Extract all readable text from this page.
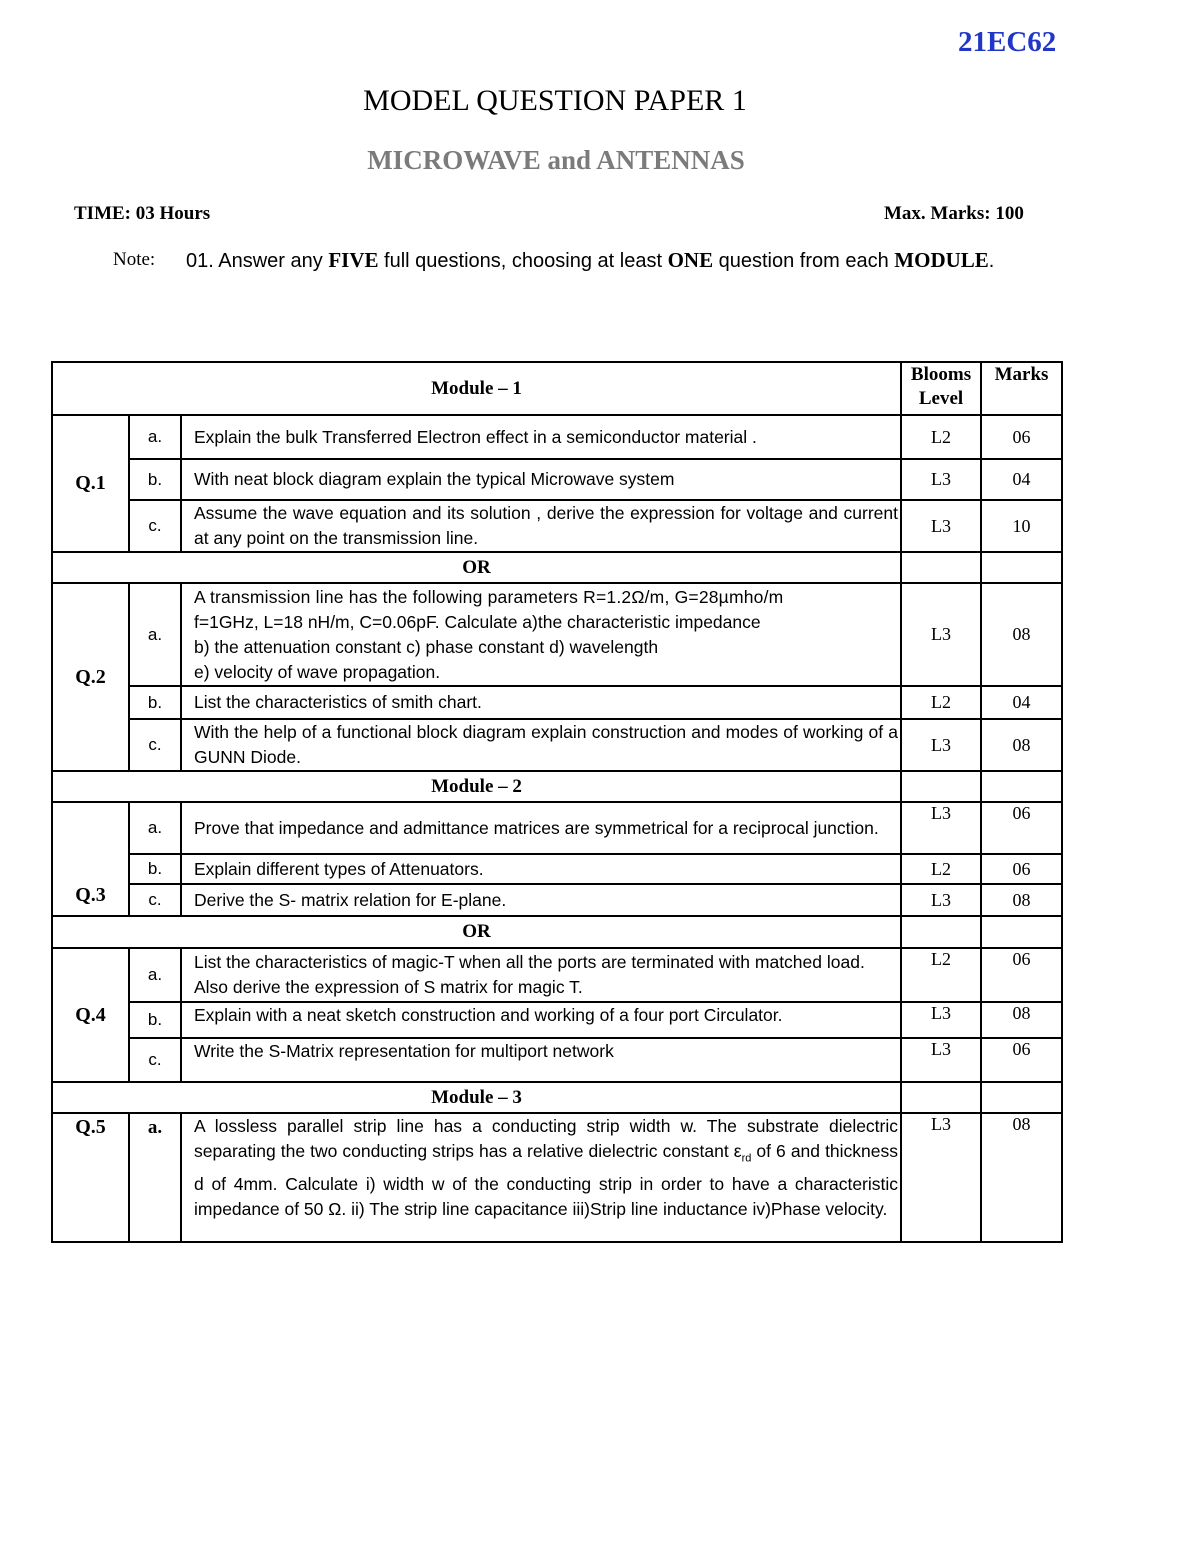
21EC62
MODEL QUESTION PAPER 1
MICROWAVE and ANTENNAS
TIME: 03 Hours	Max. Marks: 100
Note: 01. Answer any FIVE full questions, choosing at least ONE question from each MODULE.
Module – 1			Blooms Level	Marks
Q.1	a.	Explain the bulk Transferred Electron effect in a semiconductor material .	L2	06
	b.	With neat block diagram explain the typical Microwave system	L3	04
	c.	Assume the wave equation and its solution , derive the expression for voltage and current at any point on the transmission line.	L3	10
OR				
Q.2	a.	A transmission line has the following parameters R=1.2Ω/m, G=28µmho/m
f=1GHz, L=18 nH/m, C=0.06pF. Calculate a)the characteristic impedance
b) the attenuation constant c) phase constant d) wavelength
e) velocity of wave propagation.	L3	08
	b.	List the characteristics of smith chart.	L2	04
	c.	With the help of a functional block diagram explain construction and modes of working of a GUNN Diode.	L3	08
Module – 2				
Q.3	a.	Prove that impedance and admittance matrices are symmetrical for a reciprocal junction.	L3	06
	b.	Explain different types of Attenuators.	L2	06
	c.	Derive the S- matrix relation for E-plane.	L3	08
OR				
Q.4	a.	List the characteristics of magic-T when all the ports are terminated with matched load. Also derive the expression of S matrix for magic T.	L2	06
	b.	Explain with a neat sketch construction and working of a four port Circulator.	L3	08
	c.	Write the S-Matrix representation for multiport network	L3	06
Module – 3				
Q.5	a.	A lossless parallel strip line has a conducting strip width w. The substrate dielectric separating the two conducting strips has a relative dielectric constant $\varepsilon_{rd}$ of 6 and thickness d of 4mm. Calculate i) width w of the conducting strip in order to have a characteristic impedance of 50 Ω. ii) The strip line capacitance iii)Strip line inductance iv)Phase velocity.	L3	08
